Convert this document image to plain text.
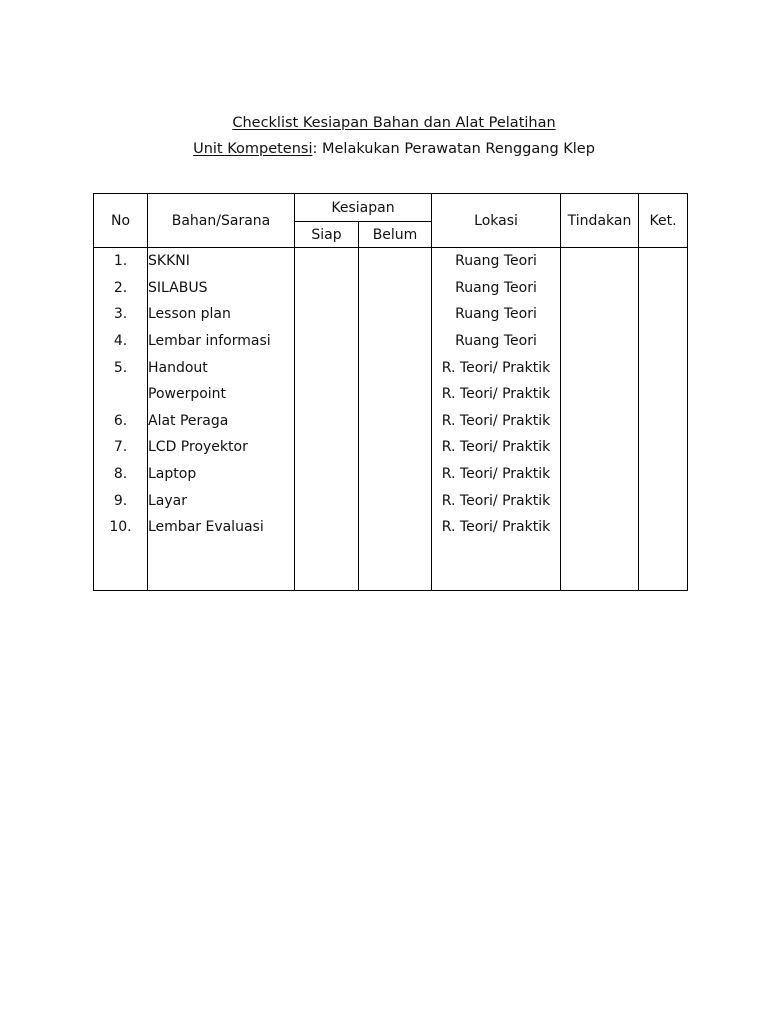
Checklist Kesiapan Bahan dan Alat Pelatihan
Unit Kompetensi: Melakukan Perawatan Renggang Klep
No	Bahan/Sarana	Kesiapan		Lokasi	Tindakan	Ket.
		Siap	Belum			
1.	SKKNI			Ruang Teori		
2.	SILABUS			Ruang Teori		
3.	Lesson plan			Ruang Teori		
4.	Lembar informasi			Ruang Teori		
5.	Handout			R. Teori/ Praktik		
	Powerpoint			R. Teori/ Praktik		
6.	Alat Peraga			R. Teori/ Praktik		
7.	LCD Proyektor			R. Teori/ Praktik		
8.	Laptop			R. Teori/ Praktik		
9.	Layar			R. Teori/ Praktik		
10.	Lembar Evaluasi			R. Teori/ Praktik		
